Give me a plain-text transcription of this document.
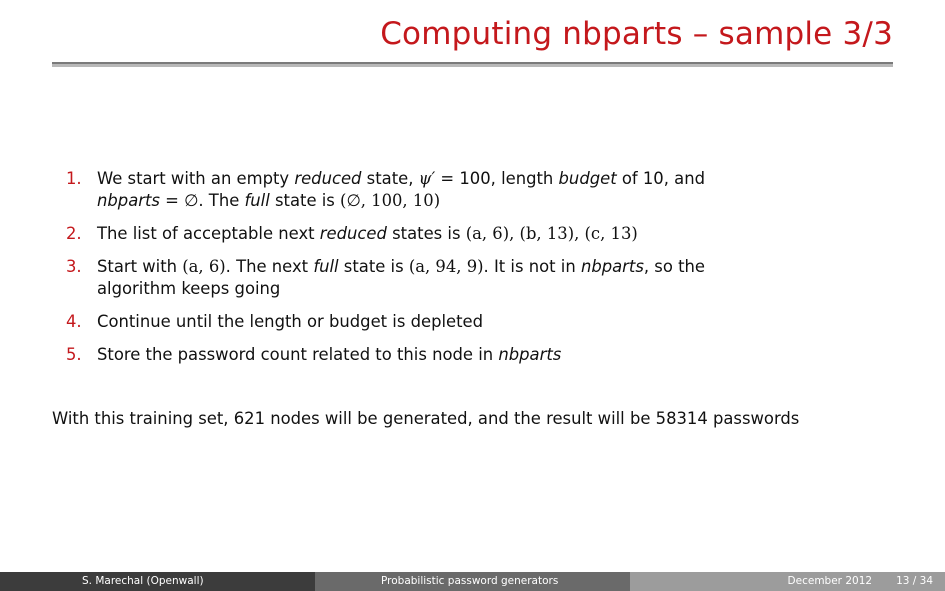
Computing nbparts – sample 3/3
1. We start with an empty reduced state, ψ′ = 100, length budget of 10, and
nbparts = ∅. The full state is (∅, 100, 10)
2. The list of acceptable next reduced states is (a, 6), (b, 13), (c, 13)
3. Start with (a, 6). The next full state is (a, 94, 9). It is not in nbparts, so the
algorithm keeps going
4. Continue until the length or budget is depleted
5. Store the password count related to this node in nbparts
With this training set, 621 nodes will be generated, and the result will be 58314 passwords
S. Marechal (Openwall)	Probabilistic password generators	December 2012 13 / 34
